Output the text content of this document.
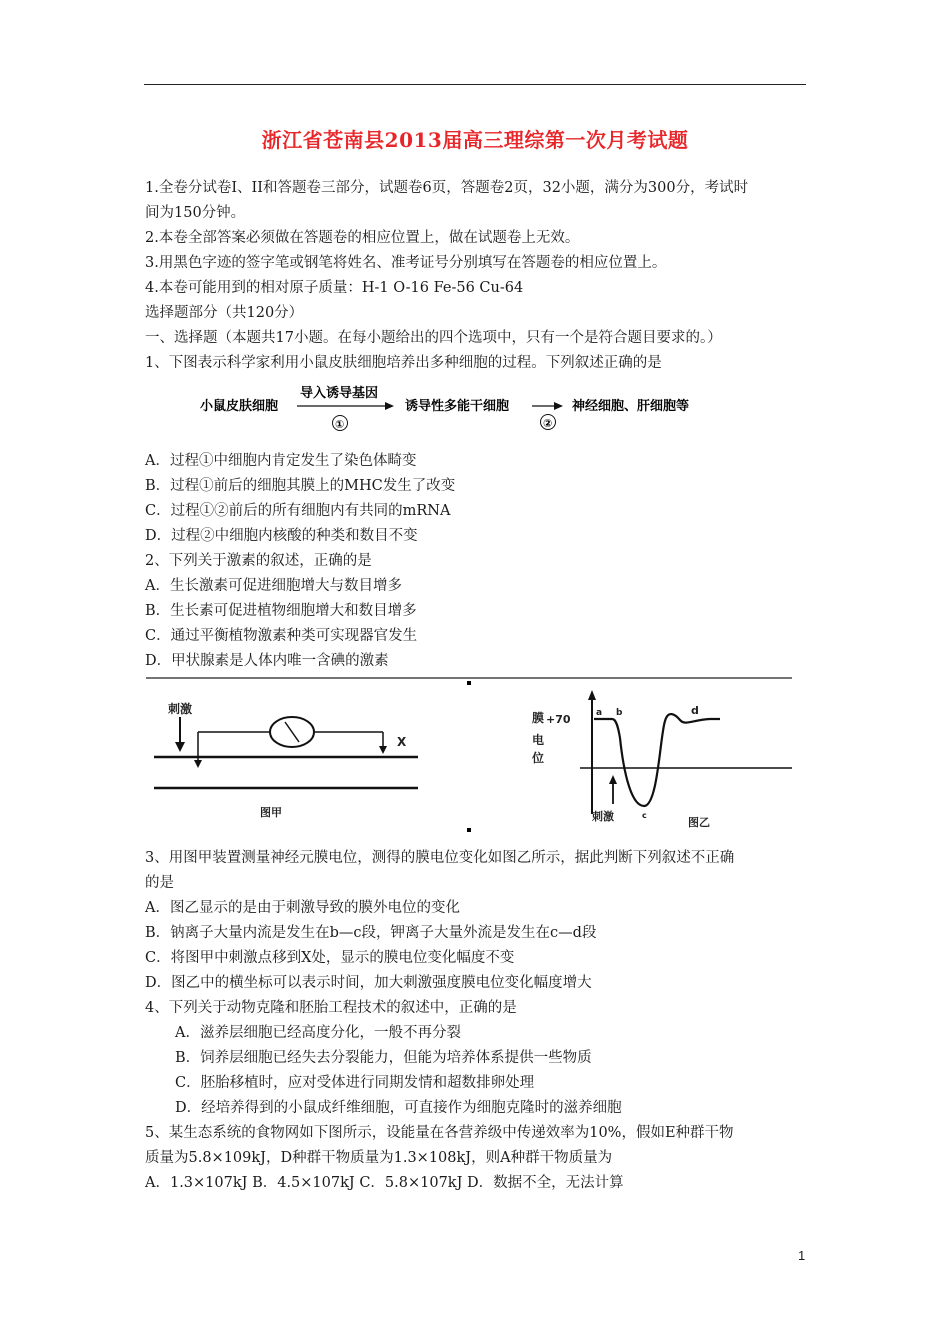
浙江省苍南县2013届高三理综第一次月考试题
1.全卷分试卷I、II和答题卷三部分，试题卷6页，答题卷2页，32小题，满分为300分，考试时
间为150分钟。
2.本卷全部答案必须做在答题卷的相应位置上，做在试题卷上无效。
3.用黑色字迹的签字笔或钢笔将姓名、准考证号分别填写在答题卷的相应位置上。
4.本卷可能用到的相对原子质量：H-1 O-16 Fe-56 Cu-64
选择题部分（共120分）
一、选择题（本题共17小题。在每小题给出的四个选项中，只有一个是符合题目要求的。）
1、下图表示科学家利用小鼠皮肤细胞培养出多种细胞的过程。下列叙述正确的是
小鼠皮肤细胞
导入诱导基因
①
诱导性多能干细胞
②
神经细胞、肝细胞等
A．过程①中细胞内肯定发生了染色体畸变
B．过程①前后的细胞其膜上的MHC发生了改变
C．过程①②前后的所有细胞内有共同的mRNA
D．过程②中细胞内核酸的种类和数目不变
2、下列关于激素的叙述，正确的是
A．生长激素可促进细胞增大与数目增多
B．生长素可促进植物细胞增大和数目增多
C．通过平衡植物激素种类可实现器官发生
D．甲状腺素是人体内唯一含碘的激素
刺激
X
图甲
膜
电
位
+70	a b
c
d
刺激	图乙
3、用图甲装置测量神经元膜电位，测得的膜电位变化如图乙所示，据此判断下列叙述不正确
的是
A．图乙显示的是由于刺激导致的膜外电位的变化
B．钠离子大量内流是发生在b—c段，钾离子大量外流是发生在c—d段
C．将图甲中刺激点移到X处，显示的膜电位变化幅度不变
D．图乙中的横坐标可以表示时间，加大刺激强度膜电位变化幅度增大
4、下列关于动物克隆和胚胎工程技术的叙述中，正确的是
A．滋养层细胞已经高度分化，一般不再分裂
B．饲养层细胞已经失去分裂能力，但能为培养体系提供一些物质
C．胚胎移植时，应对受体进行同期发情和超数排卵处理
D．经培养得到的小鼠成纤维细胞，可直接作为细胞克隆时的滋养细胞
5、某生态系统的食物网如下图所示，设能量在各营养级中传递效率为10%，假如E种群干物
质量为5.8×109kJ，D种群干物质量为1.3×108kJ，则A种群干物质量为
A．1.3×107kJ B．4.5×107kJ C．5.8×107kJ D．数据不全，无法计算
1
